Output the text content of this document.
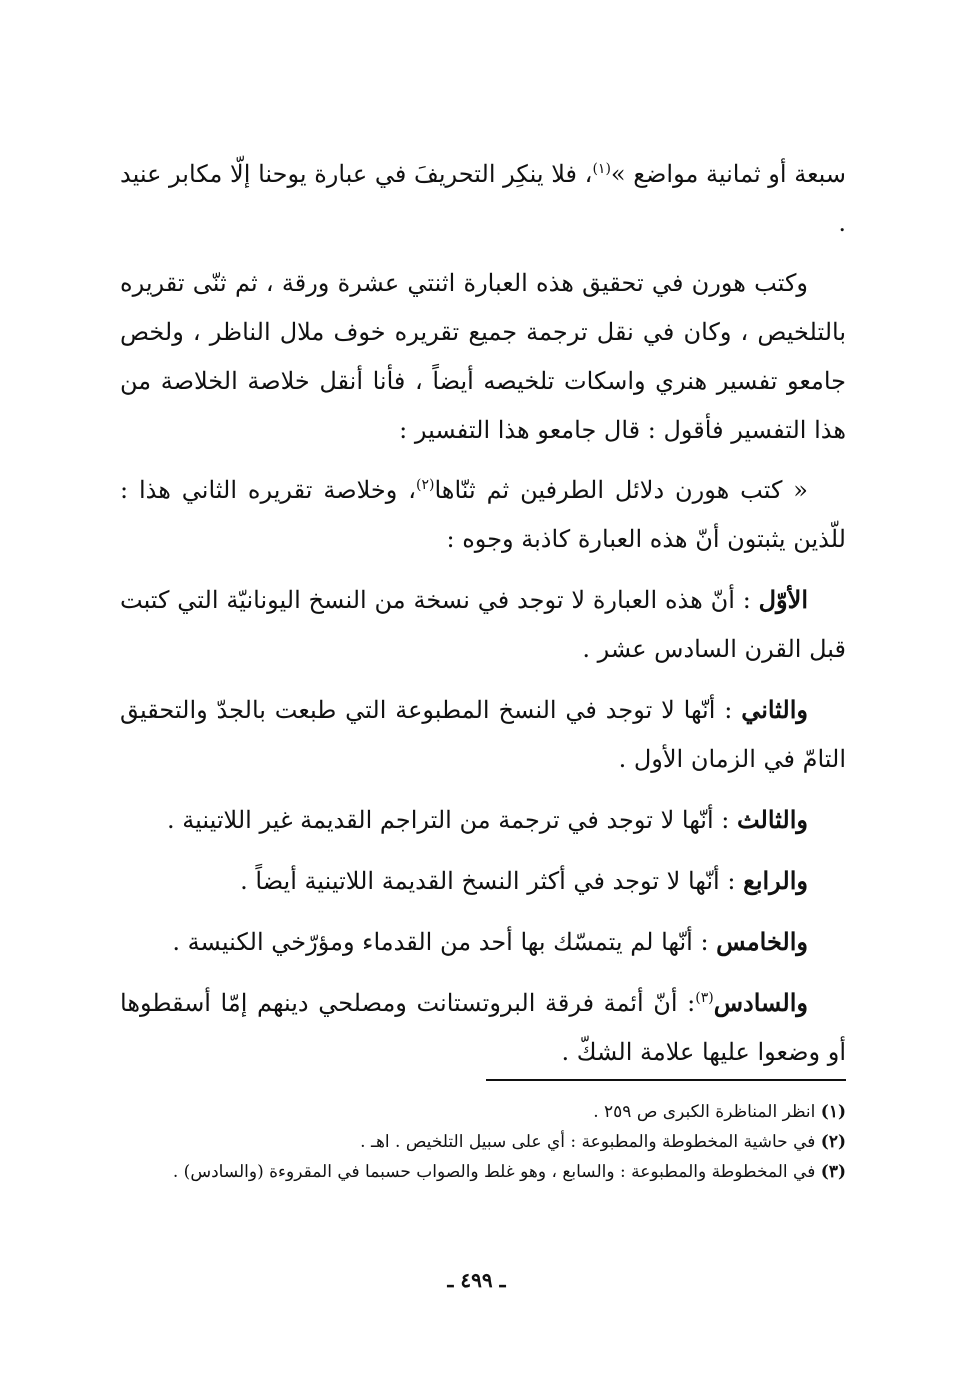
سبعة أو ثمانية مواضع »$^{(١)}$، فلا ينكِر التحريفَ في عبارة يوحنا إلّا مكابر عنيد .

وكتب هورن في تحقيق هذه العبارة اثنتي عشرة ورقة ، ثم ثنّى تقريره بالتلخيص ، وكان في نقل ترجمة جميع تقريره خوف ملال الناظر ، ولخص جامعو تفسير هنري واسكات تلخيصه أيضاً ، فأنا أنقل خلاصة الخلاصة من هذا التفسير فأقول : قال جامعو هذا التفسير :

« كتب هورن دلائل الطرفين ثم ثنّاها$^{(٢)}$، وخلاصة تقريره الثاني هذا : للّذين يثبتون أنّ هذه العبارة كاذبة وجوه :

الأوّل : أنّ هذه العبارة لا توجد في نسخة من النسخ اليونانيّة التي كتبت قبل القرن السادس عشر .

والثاني : أنّها لا توجد في النسخ المطبوعة التي طبعت بالجدّ والتحقيق التامّ في الزمان الأول .

والثالث : أنّها لا توجد في ترجمة من التراجم القديمة غير اللاتينية .

والرابع : أنّها لا توجد في أكثر النسخ القديمة اللاتينية أيضاً .

والخامس : أنّها لم يتمسّك بها أحد من القدماء ومؤرّخي الكنيسة .

والسادس$^{(٣)}$: أنّ أئمة فرقة البروتستانت ومصلحي دينهم إمّا أسقطوها أو وضعوا عليها علامة الشكّ .

(١) انظر المناظرة الكبرى ص ٢٥٩ .

(٢) في حاشية المخطوطة والمطبوعة : أي على سبيل التلخيص . اهـ .

(٣) في المخطوطة والمطبوعة : والسابع ، وهو غلط والصواب حسبما في المقروءة (والسادس) .

ـ ٤٩٩ ـ
